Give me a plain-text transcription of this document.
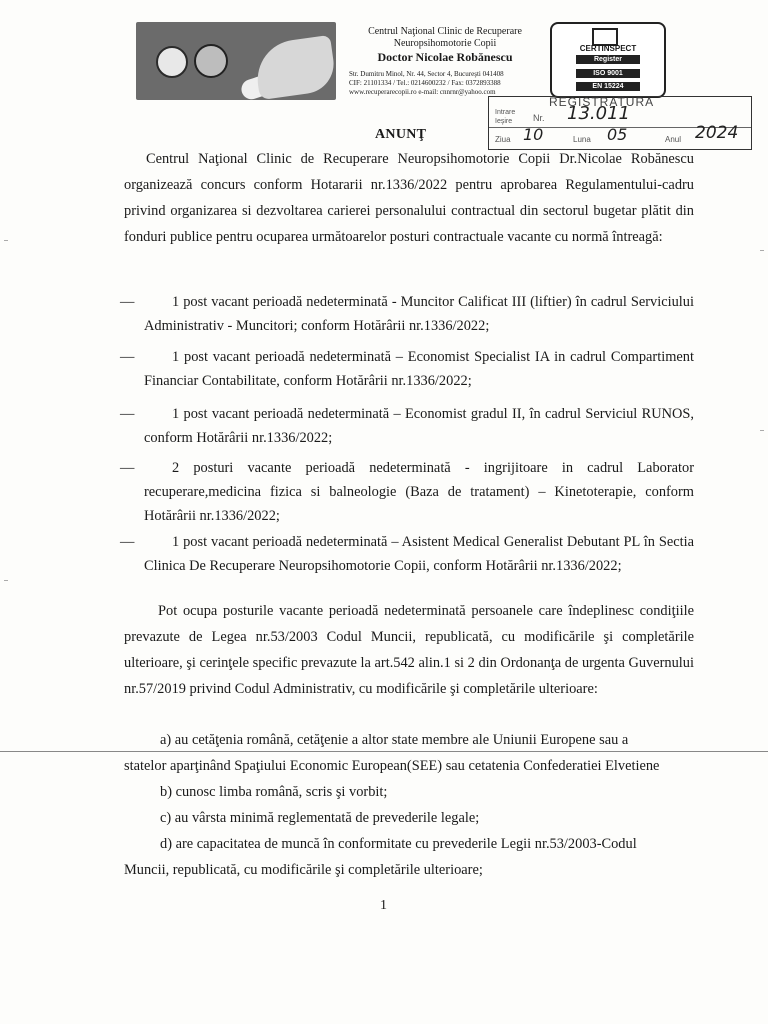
Centrul Naţional Clinic de Recuperare
Neuropsihomotorie Copii
Doctor Nicolae Robănescu
Str. Dumitru Minol, Nr. 44, Sector 4, Bucureşti 041408
CIF: 21101334 / Tel.: 0214600232 / Fax: 0372893388
www.recuperarecopii.ro e-mail: cnnrnr@yahoo.com
CERTINSPECT
Register
ISO 9001
EN 15224
REGISTRATURA
Intrare
Ieşire Nr. 13.011
Ziua 10	Luna 05	Anul 2024
ANUNŢ
Centrul Naţional Clinic de Recuperare Neuropsihomotorie Copii Dr.Nicolae Robănescu organizează concurs conform Hotararii nr.1336/2022 pentru aprobarea Regulamentului-cadru privind organizarea si dezvoltarea carierei personalului contractual din sectorul bugetar plătit din fonduri publice pentru ocuparea următoarelor posturi contractuale vacante cu normă întreagă:
—	1 post vacant perioadă nedeterminată - Muncitor Calificat III (liftier) în cadrul Serviciului Administrativ - Muncitori; conform Hotărârii nr.1336/2022;
—	1 post vacant perioadă nedeterminată – Economist Specialist IA in cadrul Compartiment Financiar Contabilitate, conform Hotărârii nr.1336/2022;
—	1 post vacant perioadă nedeterminată – Economist gradul II, în cadrul Serviciul RUNOS, conform Hotărârii nr.1336/2022;
—	2 posturi vacante perioadă nedeterminată - ingrijitoare in cadrul Laborator recuperare,medicina fizica si balneologie (Baza de tratament) – Kinetoterapie, conform Hotărârii nr.1336/2022;
—	1 post vacant perioadă nedeterminată – Asistent Medical Generalist Debutant PL în Sectia Clinica De Recuperare Neuropsihomotorie Copii, conform Hotărârii nr.1336/2022;
Pot ocupa posturile vacante perioadă nedeterminată persoanele care îndeplinesc condiţiile prevazute de Legea nr.53/2003 Codul Muncii, republicată, cu modificările şi completările ulterioare, şi cerinţele specific prevazute la art.542 alin.1 si 2 din Ordonanţa de urgenta Guvernului nr.57/2019 privind Codul Administrativ, cu modificările şi completările ulterioare:
a) au cetăţenia română, cetăţenie a altor state membre ale Uniunii Europene sau a
statelor aparţinând Spaţiului Economic European(SEE) sau cetatenia Confederatiei Elvetiene
b) cunosc limba română, scris şi vorbit;
c) au vârsta minimă reglementată de prevederile legale;
d) are capacitatea de muncă în conformitate cu prevederile Legii nr.53/2003-Codul
Muncii, republicată, cu modificările şi completările ulterioare;
1
